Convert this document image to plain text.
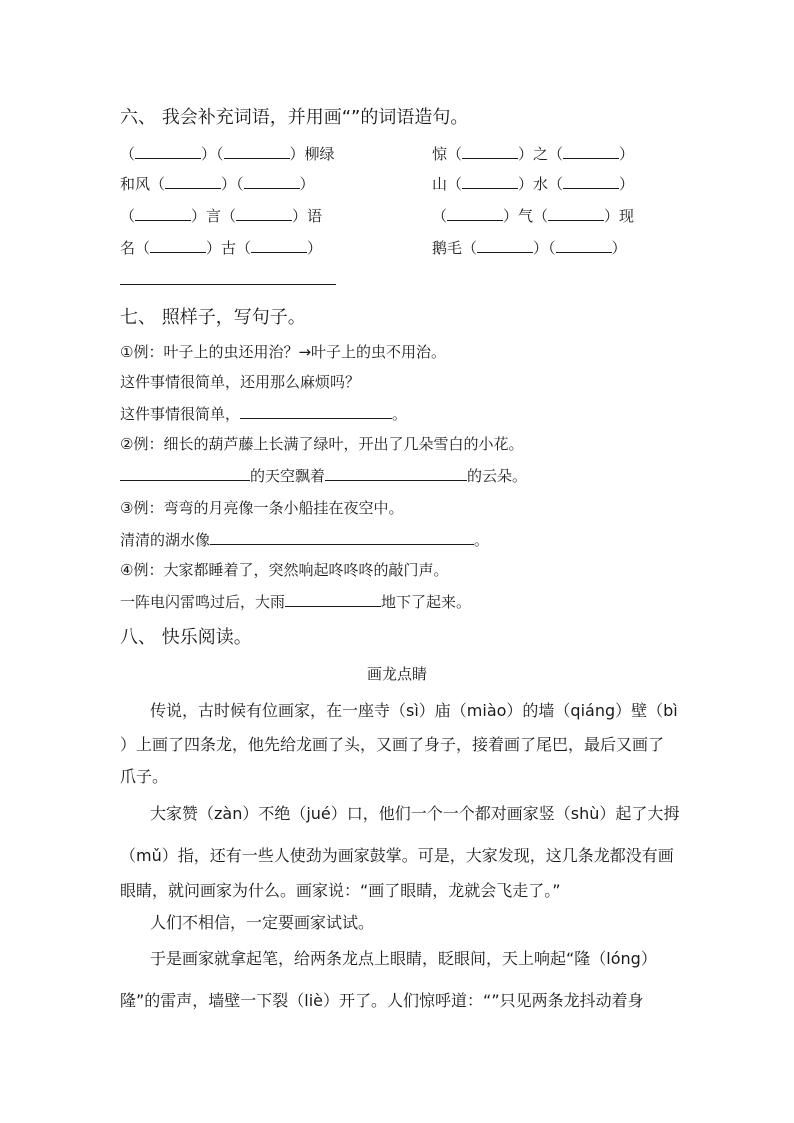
六、 我会补充词语，并用画“”的词语造句。
（	）（	）柳绿	惊（	）之（	）
和风（	）（	）	山（	）水（	）
（	）言（	）语	（	）气（	）现
名（	）古（	）	鹅毛（	）（	）
七、 照样子，写句子。
①例：叶子上的虫还用治？→叶子上的虫不用治。
这件事情很简单，还用那么麻烦吗？
这件事情很简单，	。
②例：细长的葫芦藤上长满了绿叶，开出了几朵雪白的小花。
的天空飘着	的云朵。
③例：弯弯的月亮像一条小船挂在夜空中。
清清的湖水像	。
④例：大家都睡着了，突然响起咚咚咚的敲门声。
一阵电闪雷鸣过后，大雨	地下了起来。
八、 快乐阅读。
画龙点睛
传说，古时候有位画家，在一座寺（sì）庙（miào）的墙（qiáng）壁（bì
）上画了四条龙，他先给龙画了头，又画了身子，接着画了尾巴，最后又画了
爪子。
大家赞（zàn）不绝（jué）口，他们一个一个都对画家竖（shù）起了大拇
（mǔ）指，还有一些人使劲为画家鼓掌。可是，大家发现，这几条龙都没有画
眼睛，就问画家为什么。画家说：“画了眼睛，龙就会飞走了。”
人们不相信，一定要画家试试。
于是画家就拿起笔，给两条龙点上眼睛，眨眼间，天上响起“隆（lóng）
隆”的雷声，墙壁一下裂（liè）开了。人们惊呼道：“”只见两条龙抖动着身
